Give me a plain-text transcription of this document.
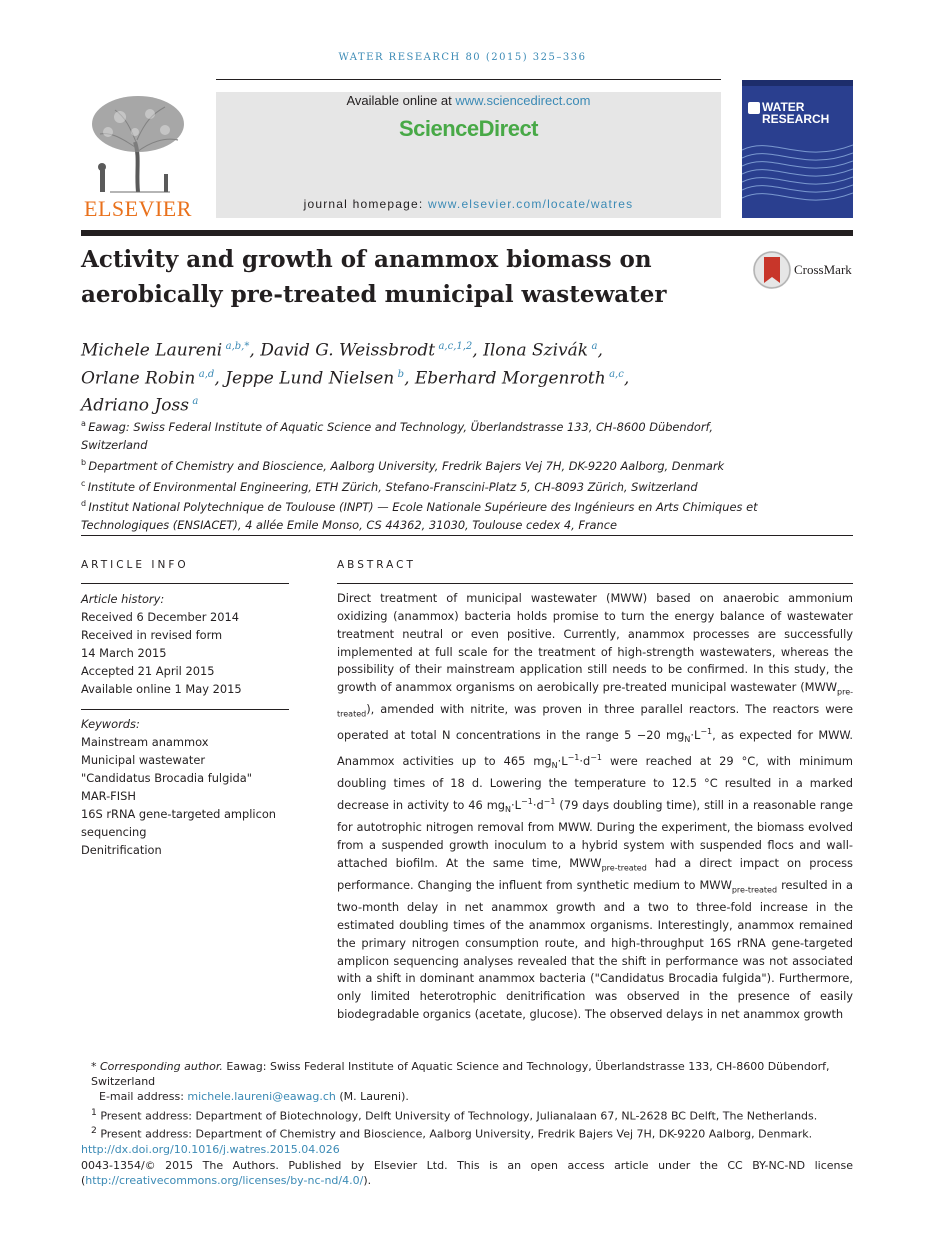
WATER RESEARCH 80 (2015) 325–336
ELSEVIER
Available online at www.sciencedirect.com
ScienceDirect
journal homepage: www.elsevier.com/locate/watres
WATER
RESEARCH
Activity and growth of anammox biomass on aerobically pre-treated municipal wastewater
CrossMark
Michele Laureni  $^{a,b,*}$, David G. Weissbrodt  $^{a,c,1,2}$, Ilona Szivák  $^a$,
Orlane Robin  $^{a,d}$, Jeppe Lund Nielsen  $^b$, Eberhard Morgenroth  $^{a,c}$,
Adriano Joss  $^a$
$^a$  Eawag: Swiss Federal Institute of Aquatic Science and Technology, Überlandstrasse 133, CH-8600 Dübendorf, Switzerland
$^b$  Department of Chemistry and Bioscience, Aalborg University, Fredrik Bajers Vej 7H, DK-9220 Aalborg, Denmark
$^c$  Institute of Environmental Engineering, ETH Zürich, Stefano-Franscini-Platz 5, CH-8093 Zürich, Switzerland
$^d$  Institut National Polytechnique de Toulouse (INPT) — Ecole Nationale Supérieure des Ingénieurs en Arts Chimiques et Technologiques (ENSIACET), 4 allée Emile Monso, CS 44362, 31030, Toulouse cedex 4, France
ARTICLE INFO
Article history:
Received 6 December 2014
Received in revised form
14 March 2015
Accepted 21 April 2015
Available online 1 May 2015
Keywords:
Mainstream anammox
Municipal wastewater
"Candidatus Brocadia fulgida"
MAR-FISH
16S rRNA gene-targeted amplicon
sequencing
Denitrification
ABSTRACT
Direct treatment of municipal wastewater (MWW) based on anaerobic ammonium oxidizing (anammox) bacteria holds promise to turn the energy balance of wastewater treatment neutral or even positive. Currently, anammox processes are successfully implemented at full scale for the treatment of high-strength wastewaters, whereas the possibility of their mainstream application still needs to be confirmed. In this study, the growth of anammox organisms on aerobically pre-treated municipal wastewater $(MWW_{pre-treated})$, amended with nitrite, was proven in three parallel reactors. The reactors were operated at total N concentrations in the range 5 −20 $mg_N\cdot L^{-1}$, as expected for MWW. Anammox activities up to 465 $mg_N\cdot L^{-1}\cdot d^{-1}$ were reached at 29 °C, with minimum doubling times of 18 d. Lowering the temperature to 12.5 °C resulted in a marked decrease in activity to 46 $mg_N\cdot L^{-1}\cdot d^{-1}$ (79 days doubling time), still in a reasonable range for autotrophic nitrogen removal from MWW. During the experiment, the biomass evolved from a suspended growth inoculum to a hybrid system with suspended flocs and wall-attached biofilm. At the same time, $MWW_{pre-treated}$ had a direct impact on process performance. Changing the influent from synthetic medium to $MWW_{pre-treated}$ resulted in a two-month delay in net anammox growth and a two to three-fold increase in the estimated doubling times of the anammox organisms. Interestingly, anammox remained the primary nitrogen consumption route, and high-throughput 16S rRNA gene-targeted amplicon sequencing analyses revealed that the shift in performance was not associated with a shift in dominant anammox bacteria ("Candidatus Brocadia fulgida"). Furthermore, only limited heterotrophic denitrification was observed in the presence of easily biodegradable organics (acetate, glucose). The observed delays in net anammox growth

* Corresponding author. Eawag: Swiss Federal Institute of Aquatic Science and Technology, Überlandstrasse 133, CH-8600 Dübendorf, Switzerland

E-mail address: michele.laureni@eawag.ch (M. Laureni).

$^1$ Present address: Department of Biotechnology, Delft University of Technology, Julianalaan 67, NL-2628 BC Delft, The Netherlands.

$^2$ Present address: Department of Chemistry and Bioscience, Aalborg University, Fredrik Bajers Vej 7H, DK-9220 Aalborg, Denmark.

http://dx.doi.org/10.1016/j.watres.2015.04.026

0043-1354/© 2015 The Authors. Published by Elsevier Ltd. This is an open access article under the CC BY-NC-ND license (http://creativecommons.org/licenses/by-nc-nd/4.0/).
